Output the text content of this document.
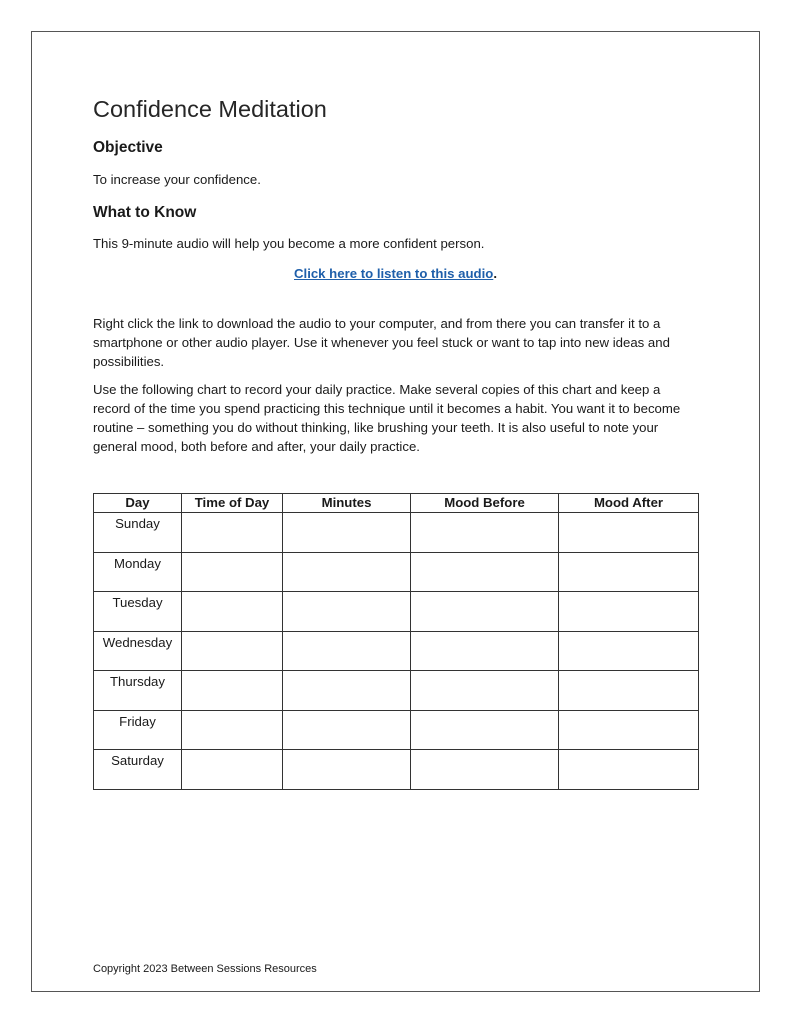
Confidence Meditation
Objective

To increase your confidence.

What to Know

This 9-minute audio will help you become a more confident person.

Click here to listen to this audio.

Right click the link to download the audio to your computer, and from there you can transfer it to a smartphone or other audio player. Use it whenever you feel stuck or want to tap into new ideas and possibilities.

Use the following chart to record your daily practice. Make several copies of this chart and keep a record of the time you spend practicing this technique until it becomes a habit. You want it to become routine – something you do without thinking, like brushing your teeth. It is also useful to note your general mood, both before and after, your daily practice.

Day	Time of Day	Minutes	Mood Before	Mood After
Sunday				
Monday				
Tuesday				
Wednesday				
Thursday				
Friday				
Saturday				
Copyright 2023 Between Sessions Resources
